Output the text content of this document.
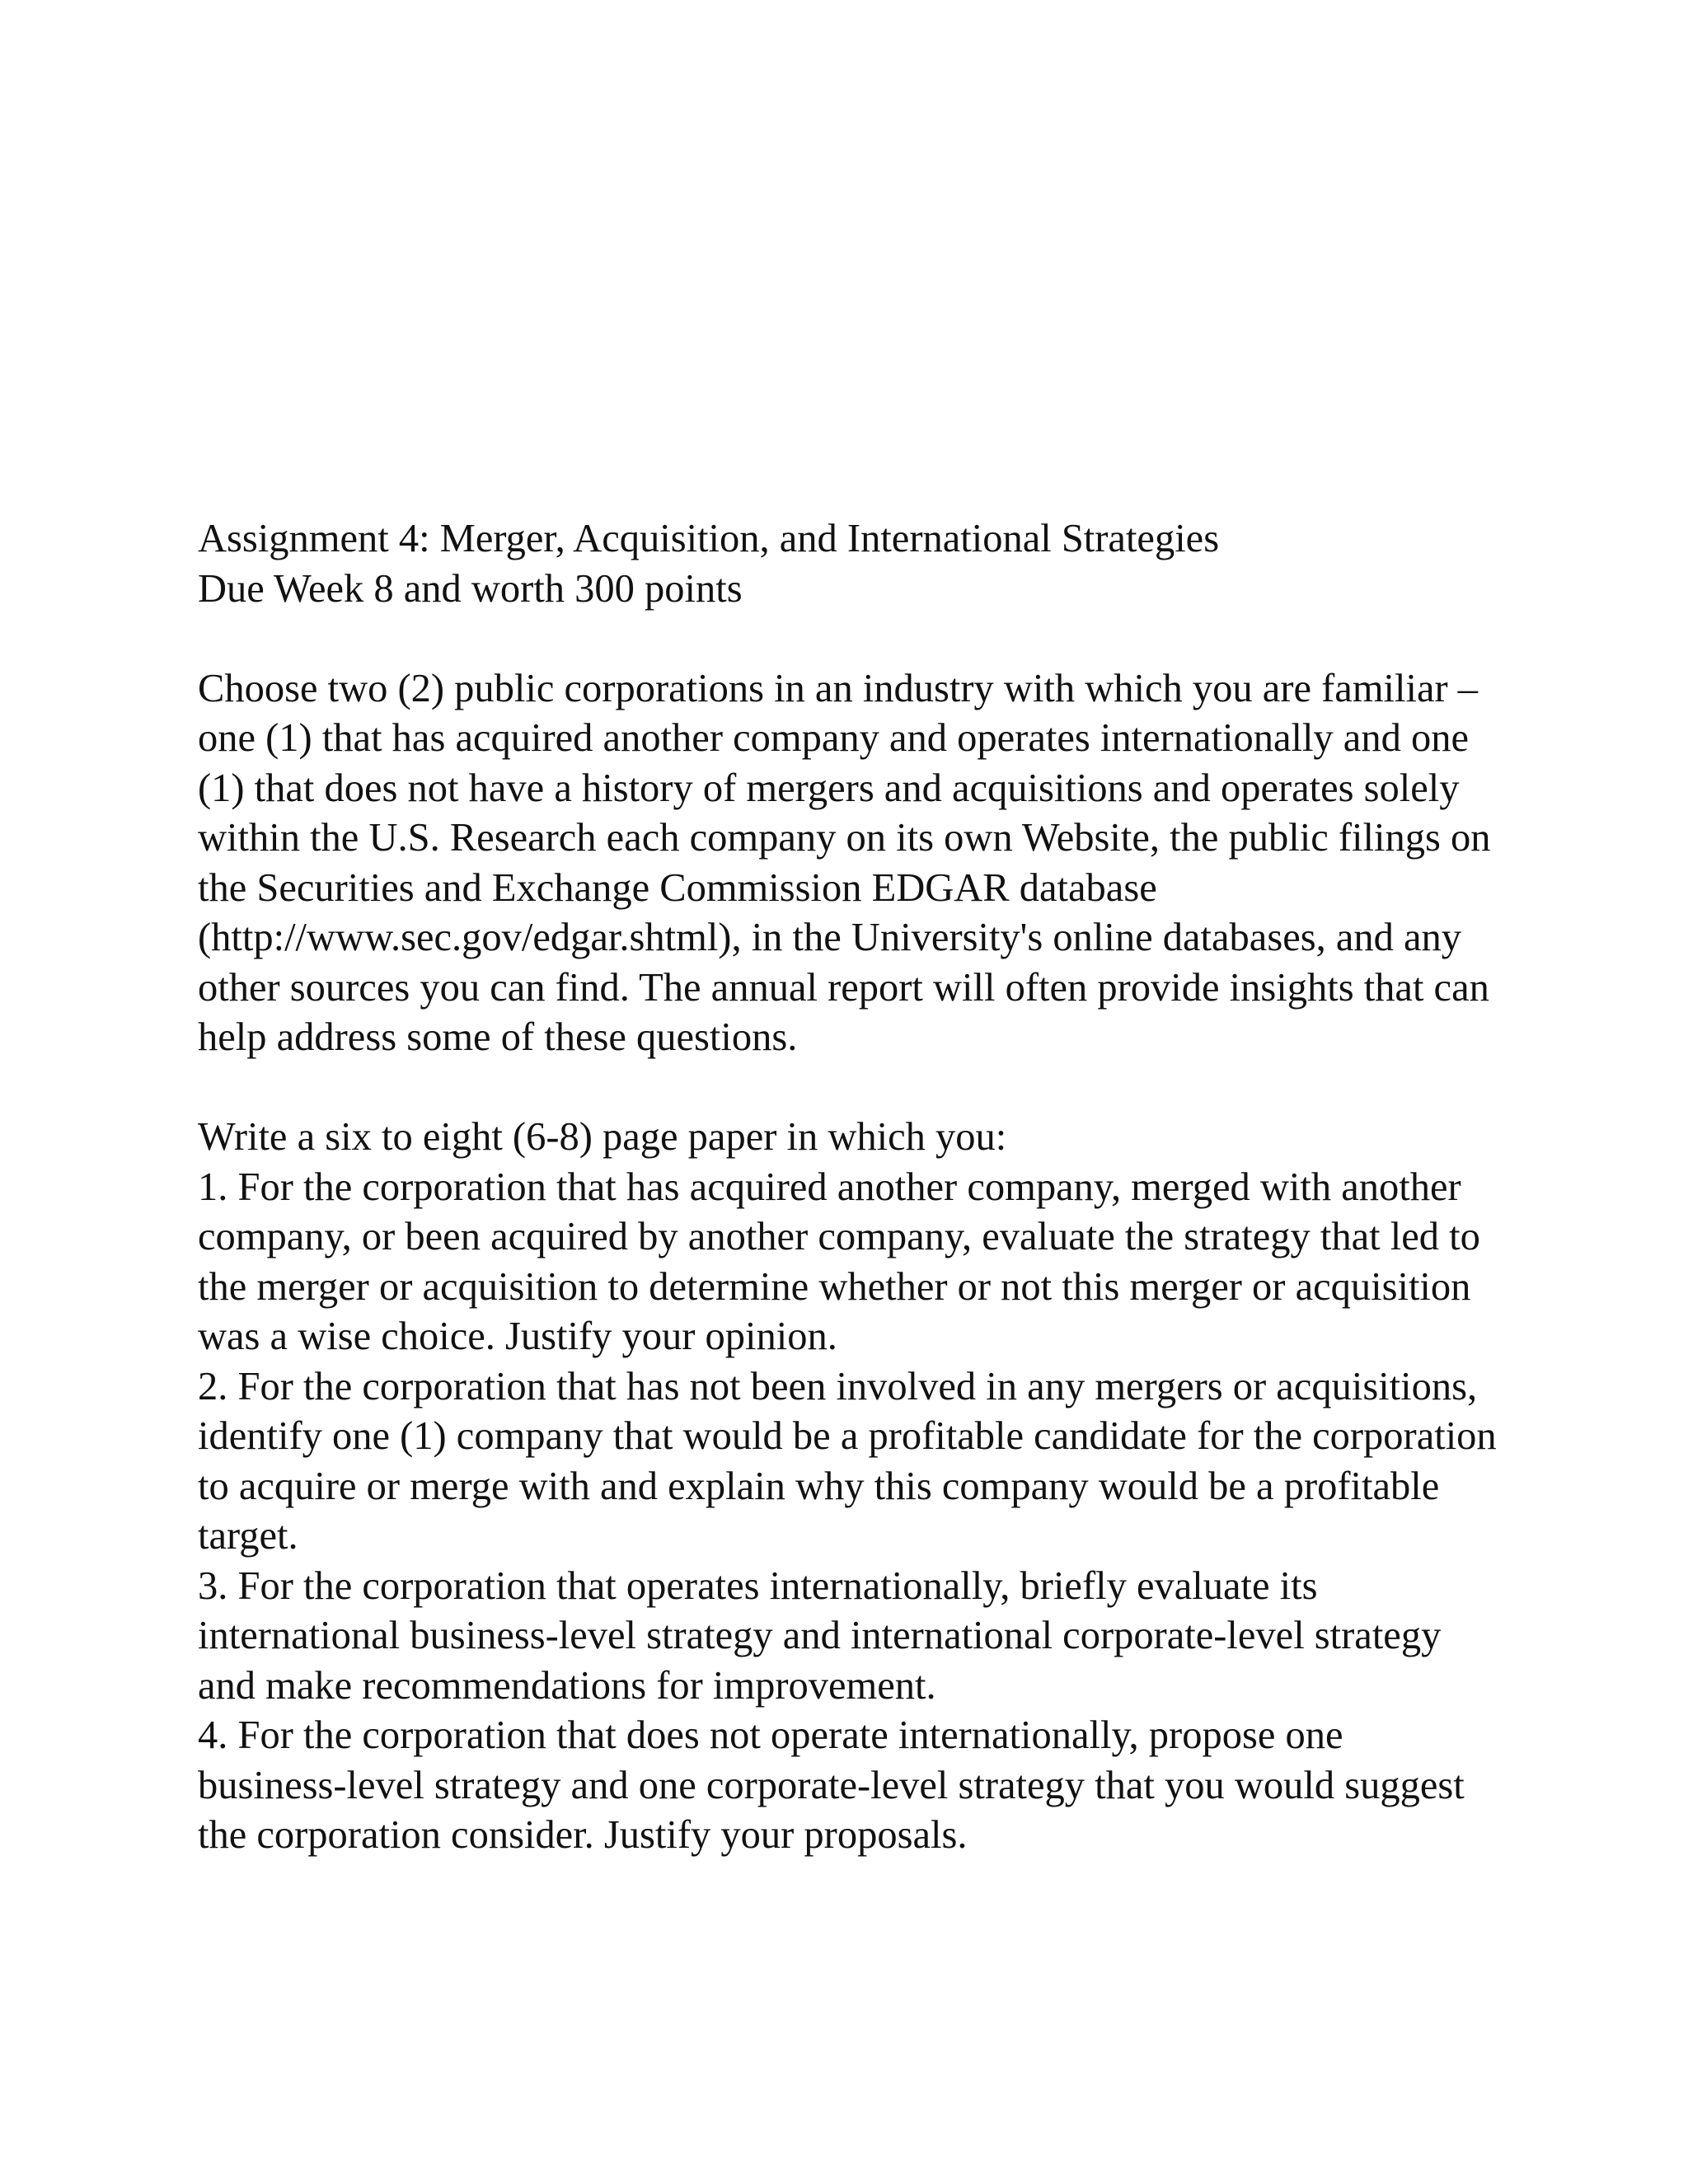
Assignment 4: Merger, Acquisition, and International Strategies

Due Week 8 and worth 300 points

Choose two (2) public corporations in an industry with which you are familiar – one (1) that has acquired another company and operates internationally and one (1) that does not have a history of mergers and acquisitions and operates solely within the U.S. Research each company on its own Website, the public filings on the Securities and Exchange Commission EDGAR database (http://www.sec.gov/edgar.shtml), in the University's online databases, and any other sources you can find. The annual report will often provide insights that can help address some of these questions.

Write a six to eight (6-8) page paper in which you:

1. For the corporation that has acquired another company, merged with another company, or been acquired by another company, evaluate the strategy that led to the merger or acquisition to determine whether or not this merger or acquisition was a wise choice. Justify your opinion.

2. For the corporation that has not been involved in any mergers or acquisitions, identify one (1) company that would be a profitable candidate for the corporation to acquire or merge with and explain why this company would be a profitable target.

3. For the corporation that operates internationally, briefly evaluate its international business-level strategy and international corporate-level strategy and make recommendations for improvement.

4. For the corporation that does not operate internationally, propose one business-level strategy and one corporate-level strategy that you would suggest the corporation consider. Justify your proposals.
